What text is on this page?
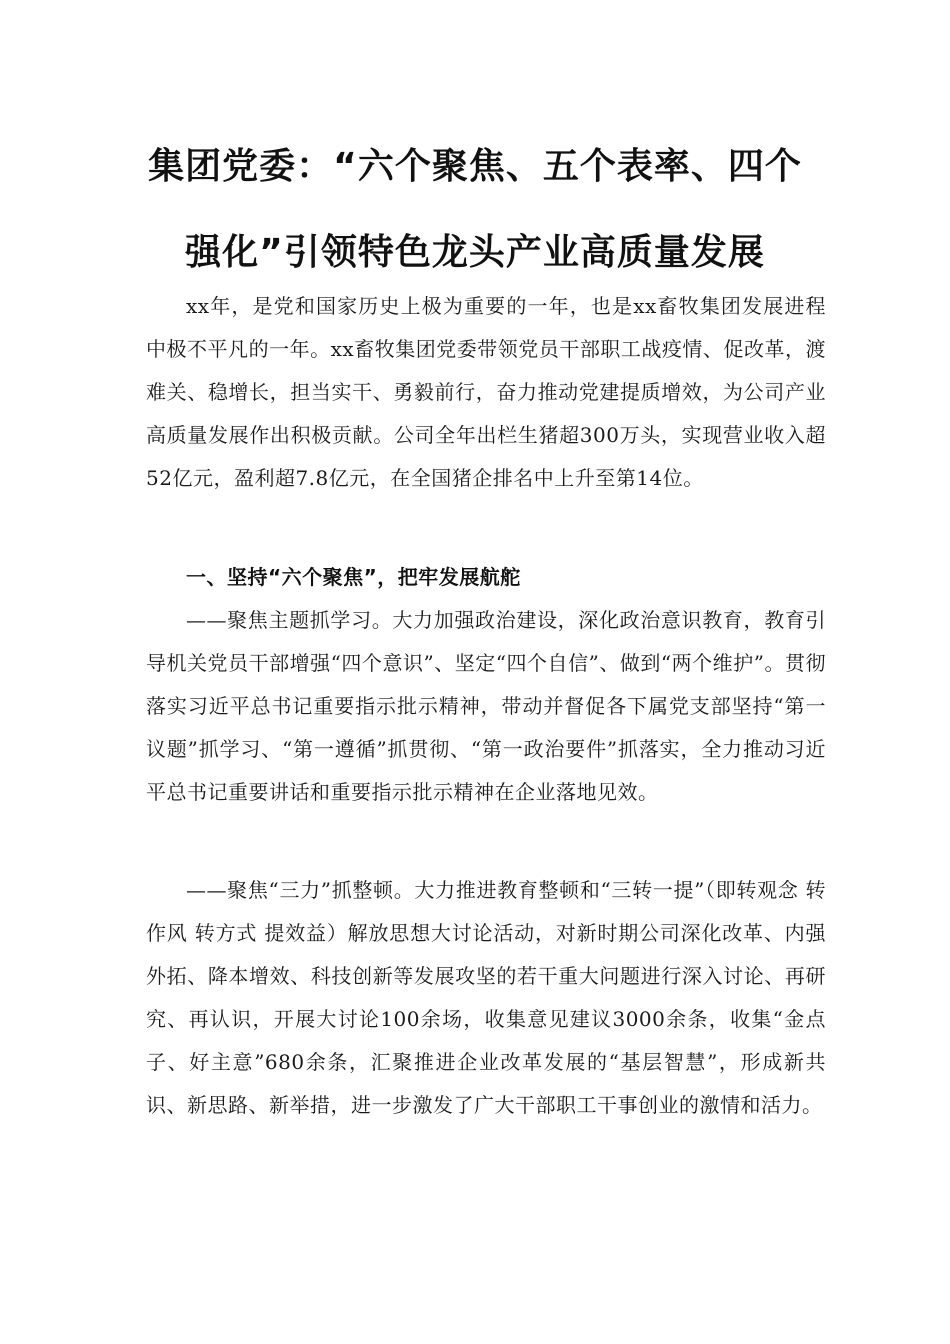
集团党委：“六个聚焦、五个表率、四个
强化”引领特色龙头产业高质量发展

xx年，是党和国家历史上极为重要的一年，也是xx畜牧集团发展进程中极不平凡的一年。xx畜牧集团党委带领党员干部职工战疫情、促改革，渡难关、稳增长，担当实干、勇毅前行，奋力推动党建提质增效，为公司产业高质量发展作出积极贡献。公司全年出栏生猪超300万头，实现营业收入超52亿元，盈利超7.8亿元，在全国猪企排名中上升至第14位。

一、坚持“六个聚焦”，把牢发展航舵

——聚焦主题抓学习。大力加强政治建设，深化政治意识教育，教育引导机关党员干部增强“四个意识”、坚定“四个自信”、做到“两个维护”。贯彻落实习近平总书记重要指示批示精神，带动并督促各下属党支部坚持“第一议题”抓学习、“第一遵循”抓贯彻、“第一政治要件”抓落实，全力推动习近平总书记重要讲话和重要指示批示精神在企业落地见效。

——聚焦“三力”抓整顿。大力推进教育整顿和“三转一提”（即转观念 转作风 转方式 提效益）解放思想大讨论活动，对新时期公司深化改革、内强外拓、降本增效、科技创新等发展攻坚的若干重大问题进行深入讨论、再研究、再认识，开展大讨论100余场，收集意见建议3000余条，收集“金点子、好主意”680余条，汇聚推进企业改革发展的“基层智慧”，形成新共识、新思路、新举措，进一步激发了广大干部职工干事创业的激情和活力。
